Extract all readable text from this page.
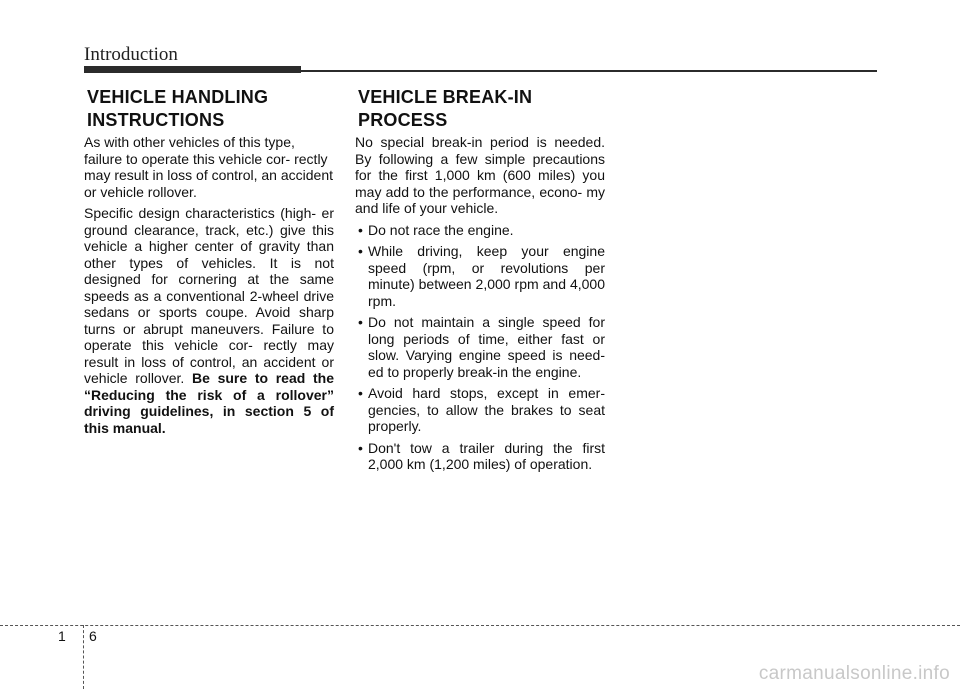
Introduction
VEHICLE HANDLING
INSTRUCTIONS

As with other vehicles of this type, failure to operate this vehicle cor- rectly may result in loss of control, an accident or vehicle rollover.

Specific design characteristics (high- er ground clearance, track, etc.) give this vehicle a higher center of gravity than other types of vehicles. It is not designed for cornering at the same speeds as a conventional 2-wheel drive sedans or sports coupe. Avoid sharp turns or abrupt maneuvers. Failure to operate this vehicle cor- rectly may result in loss of control, an accident or vehicle rollover. Be sure to read the “Reducing the risk of a rollover” driving guidelines, in section 5 of this manual.

VEHICLE BREAK-IN
PROCESS

No special break-in period is needed. By following a few simple precautions for the first 1,000 km (600 miles) you may add to the performance, econo- my and life of your vehicle.

• Do not race the engine.
• While driving, keep your engine speed (rpm, or revolutions per minute) between 2,000 rpm and 4,000 rpm.
• Do not maintain a single speed for long periods of time, either fast or slow. Varying engine speed is need- ed to properly break-in the engine.
• Avoid hard stops, except in emer- gencies, to allow the brakes to seat properly.
• Don't tow a trailer during the first 2,000 km (1,200 miles) of operation.
1 6
carmanualsonline.info
